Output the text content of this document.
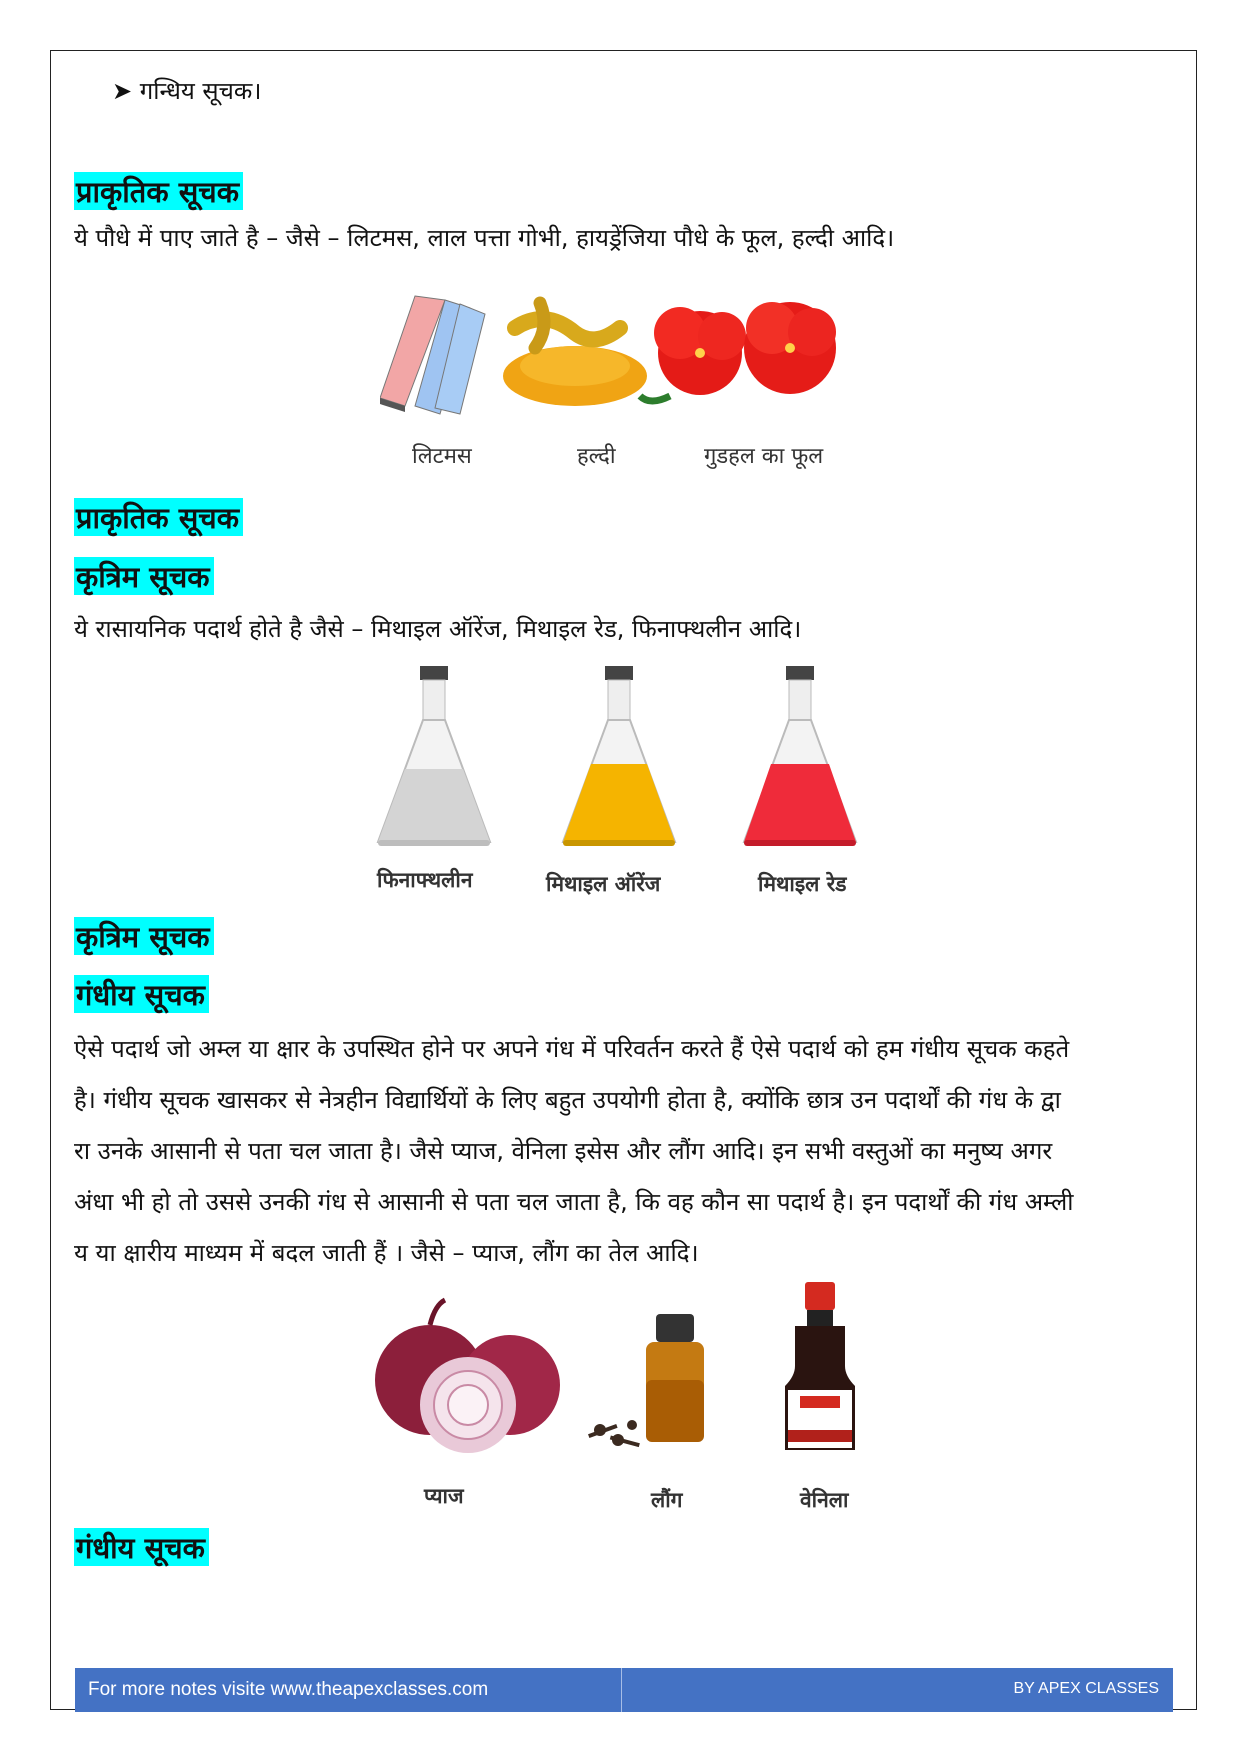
➤ गन्धिय सूचक।
प्राकृतिक सूचक
ये पौधे में पाए जाते है – जैसे – लिटमस, लाल पत्ता गोभी, हायड्रेंजिया पौधे के फूल, हल्दी आदि।
लिटमस	हल्दी	गुडहल का फूल
प्राकृतिक सूचक
कृत्रिम सूचक
ये रासायनिक पदार्थ होते है जैसे – मिथाइल ऑरेंज, मिथाइल रेड, फिनाफ्थलीन आदि।
फिनाफ्थलीन	मिथाइल ऑरेंज	मिथाइल रेड
कृत्रिम सूचक
गंधीय सूचक
ऐसे पदार्थ जो अम्ल या क्षार के उपस्थित होने पर अपने गंध में परिवर्तन करते हैं ऐसे पदार्थ को हम गंधीय सूचक कहते
है। गंधीय सूचक खासकर से नेत्रहीन विद्यार्थियों के लिए बहुत उपयोगी होता है, क्योंकि छात्र उन पदार्थों की गंध के द्वा
रा उनके आसानी से पता चल जाता है। जैसे प्याज, वेनिला इसेस और लौंग आदि। इन सभी वस्तुओं का मनुष्य अगर
अंधा भी हो तो उससे उनकी गंध से आसानी से पता चल जाता है, कि वह कौन सा पदार्थ है। इन पदार्थों की गंध अम्ली
य या क्षारीय माध्यम में बदल जाती हैं । जैसे – प्याज, लौंग का तेल आदि।
प्याज	लौंग	वेनिला
गंधीय सूचक
For more notes visite www.theapexclasses.com	BY APEX CLASSES
